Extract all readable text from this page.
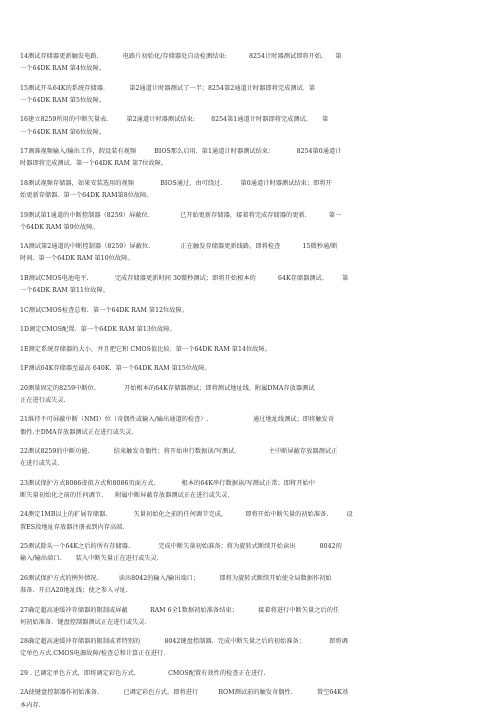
14测试存储器更新触发电路.            电路片初始化/存储器处自动检测结束:           8254计时器测试即将开始.      第
一个64DK RAM 第4位故障。
15测试开头64K的系统存储器.            第2通道计时器测试了一半；8254第2通道计时器即将完成测试.  第
一个64DK RAM 第5位故障。
16建立8259所用的中断矢量表.         第2通道计时器测试结束:        8254第1通道计时器即将完成测试.       第
一个64DK RAM 第6位故障。
17调准视频输入/输出工作，假设装有视频         BIOS那么启用.  第1通道计时器测试结束：           8254第0通道计
时器即将完成测试.  第一个64DK RAM 第7位故障。
18测试视频存储器，如果安装选用的视频             BIOS通过，由可绕过.         第0通道计时器测试结束；即将开
始更新存储器.  第一个64DK RAM第8位故障。
19测试第1通道的中断控制器（8259）屏蔽位.               已开始更新存储器，接着将完成存储器的更新.           第一
个64DK RAM 第9位故障。
1A测试第2通道的中断控制器（8259）屏蔽位.               正在触发存储器更新线路，即将检查           15微秒通/断
时间.  第一个64DK RAM 第10位故障。
1B测试CMOS电池电平.             完成存储器更新时间 30微秒测试；即将开始根本的           64K存储器测试.         第
一个64DK RAM 第11位故障。
1C测试CMOS检查总和.  第一个64DK RAM 第12位故障。
1D调定CMOS配置.  第一个64DK RAM 第13位故障。
1E测定系统存储器的大小，并且把它和 CMOS值比较.  第一个64DK RAM 第14位故障。
1F测试64K存储器至最高 640K.  第一个64DK RAM 第15位故障。
20测量固定的8259中断位.              开始根本的64K存储器测试；即将测试地址线.  附属DMA存放器测试
正在进行或失灵.
21维持不可屏蔽中断（NMI）位（奇偶性或输入/输出通道的检查）.                      通过地址线测试；即将触发奇
偶性.主DMA存放器测试正在进行或失灵.
22测试8259的中断功能.            结束触发奇偶性；将开始串行数据读/写测试.                主中断屏蔽存放器测试正
在进行或失灵.
23测试保护方式8086虚拟方式和8086页面方式.             根本的64K串行数据读/写测试正常；即将开始中
断矢量初始化之前的任何调节.      附属中断屏蔽存放器测试正在进行或失灵.
24测定1MB以上的扩展存储器.             矢量初始化之前的任何调节完成，         即将开始中断矢量的初始准备.         设
置ES段地址存放器注册表到内存高端.
25测试除头一个64K之后的所有存储器.              完成中断矢量初始准备；将为旋转式断续开始读出            8042的
输入/输出端口.       装入中断矢量正在进行或失灵.
26测试保护方式的例外情况.          读出8042的输入/输出端口；          即将为旋转式断续开始使全局数据作初始
准备.  开启A20地址线；使之参入寻址.
27确定超高速缓冲存储器的限制或屏蔽           RAM 6全1数据初始准备结束；          接着将进行中断矢量之后的任
何初始准备.  键盘控制器测试正在进行或失灵.
28确定超高速缓冲存储器的限制或者特别的            8042键盘控制器.  完成中断矢量之后的初始准备；            即将调
定单色方式.CMOS电源故障/检查总和计算正在进行.
29 . 已调定单色方式，即将调定彩色方式.                CMOS配置有效性的检查正在进行.
2A使键盘控制器作初始准备.            已调定彩色方式，即将进行          ROM测试前的触发奇偶性.            置空64K基
本内存.
